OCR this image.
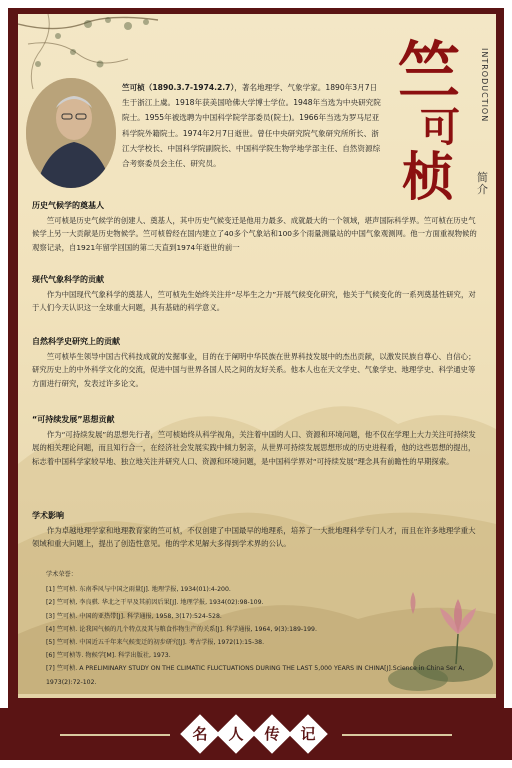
竺
可
桢
INTRODUCTION
简介
竺可桢（1890.3.7-1974.2.7），著名地理学、气象学家。1890年3月7日生于浙江上虞。1918年获美国哈佛大学博士学位。1948年当选为中央研究院院士。1955年被选聘为中国科学院学部委员(院士)。1966年当选为罗马尼亚科学院外籍院士。1974年2月7日逝世。曾任中央研究院气象研究所所长、浙江大学校长、中国科学院副院长、中国科学院生物学地学部主任、自然资源综合考察委员会主任、研究员。

历史气候学的奠基人

竺可桢是历史气候学的创建人、奠基人，其中历史气候变迁是他用力最多、成就最大的一个领域，堪声国际科学界。竺可桢在历史气候学上另一大贡献是历史物候学。竺可桢曾经在国内建立了40多个气象站和100多个雨量测量站的中国气象观测网。他一方面重视物候的观察记录，自1921年留学回国的第二天直到1974年逝世的前一

现代气象科学的贡献

作为中国现代气象科学的奠基人，竺可桢先生始终关注并“尽毕生之力”开展气候变化研究，他关于气候变化的一系列奠基性研究，对于人们今天认识这一全球重大问题，具有基础的科学意义。

自然科学史研究上的贡献

竺可桢毕生领导中国古代科技成就的发掘事业，目的在于阐明中华民族在世界科技发展中的杰出贡献，以激发民族自尊心、自信心；研究历史上的中外科学文化的交流，促进中国与世界各国人民之间的友好关系。他本人也在天文学史、气象学史、地理学史、科学通史等方面进行研究，发表过许多论文。

“可持续发展”思想贡献

作为“可持续发展”的思想先行者，竺可桢始终从科学视角，关注着中国的人口、资源和环境问题，他不仅在学理上大力关注可持续发展的相关理论问题，而且知行合一，在经济社会发展实践中倾力躬亲，从世界可持续发展思想形成的历史进程看，他的这些思想的提出，标志着中国科学家较早地、独立地关注并研究人口、资源和环境问题，是中国科学界对“可持续发展”理念具有前瞻性的早期探索。

学术影响

作为卓越地理学家和地理教育家的竺可桢，不仅创建了中国最早的地理系，培养了一大批地理科学专门人才，而且在许多地理学重大领域和重大问题上，提出了创造性意见。他的学术见解大多得到学术界的公认。

学术荣誉：
[1] 竺可桢. 东南季风与中国之雨量[J]. 地理学报, 1934(01):4-200.
[2] 竺可桢, 李良骐. 华北之干旱及其前因后果[J]. 地理学报, 1934(02):98-109.
[3] 竺可桢. 中国的亚热带[J]. 科学通报, 1958, 3(17):524-528.
[4] 竺可桢. 论我国气候的几个特点及其与粮食作物生产的关系[J]. 科学通报, 1964, 9(3):189-199.
[5] 竺可桢. 中国近五千年来气候变迁的初步研究[J]. 考古学报, 1972(1):15-38.
[6] 竺可桢等. 物候学[M]. 科学出版社, 1973.
[7] 竺可桢. A PRELIMINARY STUDY ON THE CLIMATIC FLUCTUATIONS DURING THE LAST 5,000 YEARS IN CHINA[J].Science in China Ser A, 1973(2):72-102.
名	人	传	记
